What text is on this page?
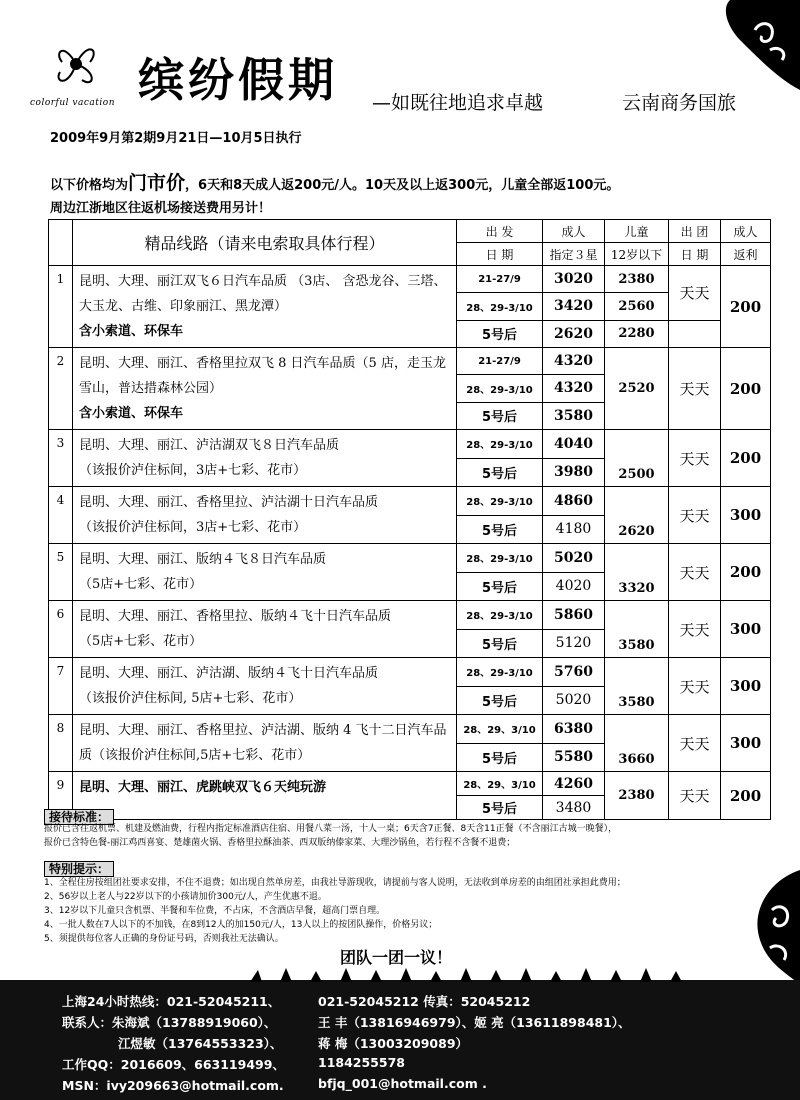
colorful vacation 缤纷假期 —如既往地追求卓越	云南商务国旅
2009年9月第2期9月21日—10月5日执行
以下价格均为门市价，6天和8天成人返200元/人。10天及以上返300元，儿童全部返100元。
周边江浙地区往返机场接送费用另计！
	精品线路（请来电索取具体行程）	出 发	成人	儿童	出 团	成人
		日 期	指定３星	12岁以下	日 期	返利
1	昆明、大理、丽江双飞６日汽车品质 （3店、 含恐龙谷、三塔、
大玉龙、古维、印象丽江、黑龙潭）
含小索道、环保车	21-27/9	3020	2380	天天	200
		28、29-3/10	3420	2560		
		5号后	2620	2280		
2	昆明、大理、丽江、香格里拉双飞 8 日汽车品质（5 店，走玉龙
雪山，普达措森林公园）
含小索道、环保车	21-27/9	4320	2520	天天	200
		28、29-3/10	4320			
		5号后	3580			
3	昆明、大理、丽江、泸沽湖双飞８日汽车品质
（该报价泸住标间，3店+七彩、花市）	28、29-3/10	4040	2500	天天	200
		5号后	3980			
4	昆明、大理、丽江、香格里拉、泸沽湖十日汽车品质
（该报价泸住标间，3店+七彩、花市）	28、29-3/10	4860	2620	天天	300
		5号后	4180			
5	昆明、大理、丽江、版纳４飞８日汽车品质
（5店+七彩、花市）	28、29-3/10	5020	3320	天天	200
		5号后	4020			
6	昆明、大理、丽江、香格里拉、版纳４飞十日汽车品质
（5店+七彩、花市）	28、29-3/10	5860	3580	天天	300
		5号后	5120			
7	昆明、大理、丽江、泸沽湖、版纳４飞十日汽车品质
（该报价泸住标间, 5店+七彩、花市）	28、29-3/10	5760	3580	天天	300
		5号后	5020			
8	昆明、大理、丽江、香格里拉、泸沽湖、版纳 4 飞十二日汽车品
质（该报价泸住标间,5店+七彩、花市）	28、29、3/10	6380	3660	天天	300
		5号后	5580			
9	昆明、大理、丽江、虎跳峡双飞６天纯玩游	28、29、3/10	4260	2380	天天	200
		5号后	3480			
接待标准：
报价已含往返机票、机建及燃油费，行程内指定标准酒店住宿、用餐八菜一汤，十人一桌；6天含7正餐、8天含11正餐（不含丽江古城一晚餐），
报价已含特色餐-丽江鸡西喜宴、楚雄菌火锅、香格里拉酥油茶、西双版纳傣家菜、大理沙锅鱼，若行程不含餐不退费；
特别提示：
1、全程住房按组团社要求安排，不住不退费；如出现自然单房差，由我社导游现收，请提前与客人说明，无法收到单房差的由组团社承担此费用；
2、56岁以上老人与22岁以下的小孩请加价300元/人，产生优惠不退。
3、12岁以下儿童只含机票、半餐和车位费，不占床，不含酒店早餐，超高门票自理。
4、一批人数在7人以下的不加钱，在8到12人的加150元/人，13人以上的按团队操作，价格另议；
5、须提供每位客人正确的身份证号码，否则我社无法确认。
团队一团一议！
上海24小时热线：021-52045211、	021-52045212 传真：52045212
联系人：朱海斌（13788919060）、	王 丰（13816946979）、姬 亮（13611898481）、
江煜敏（13764553323）、	蒋 梅（13003209089）
工作QQ：2016609、663119499、	1184255578
MSN：ivy209663@hotmail.com.	bfjq_001@hotmail.com .
